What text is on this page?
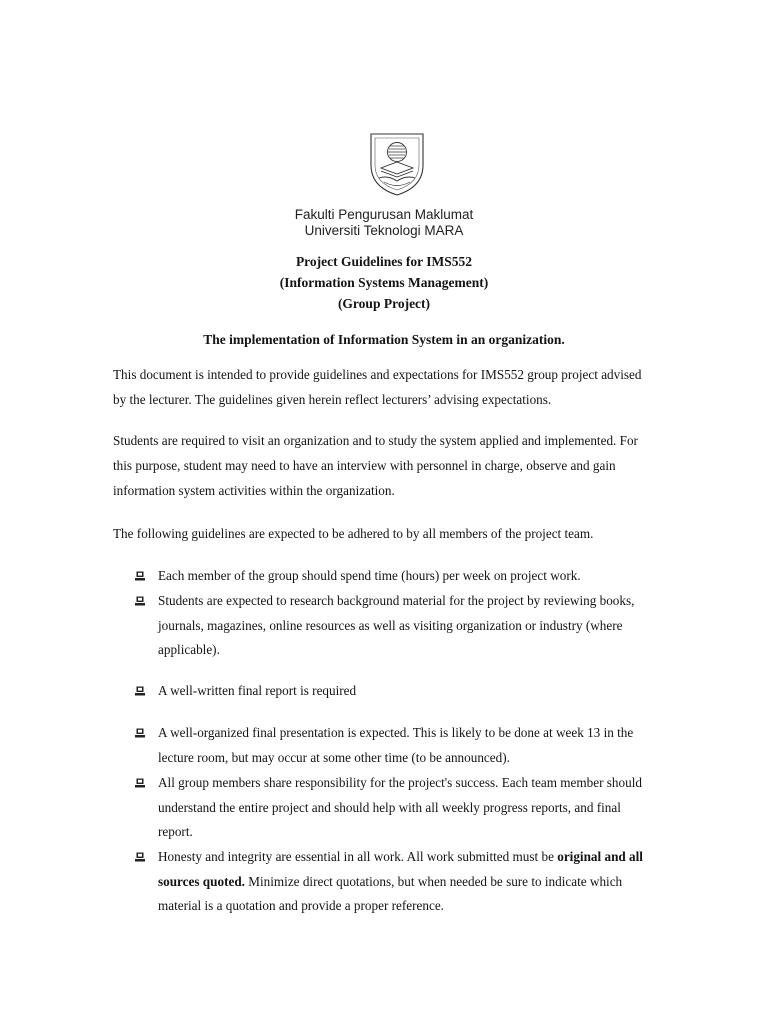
Fakulti Pengurusan Maklumat
Universiti Teknologi MARA
Project Guidelines for IMS552
(Information Systems Management)
(Group Project)
The implementation of Information System in an organization.

This document is intended to provide guidelines and expectations for IMS552 group project advised by the lecturer. The guidelines given herein reflect lecturers’ advising expectations.

Students are required to visit an organization and to study the system applied and implemented. For this purpose, student may need to have an interview with personnel in charge, observe and gain information system activities within the organization.

The following guidelines are expected to be adhered to by all members of the project team.

Each member of the group should spend time (hours) per week on project work.
Students are expected to research background material for the project by reviewing books, journals, magazines, online resources as well as visiting organization or industry (where applicable).
A well-written final report is required
A well-organized final presentation is expected. This is likely to be done at week 13 in the lecture room, but may occur at some other time (to be announced).
All group members share responsibility for the project's success. Each team member should understand the entire project and should help with all weekly progress reports, and final report.
Honesty and integrity are essential in all work. All work submitted must be original and all sources quoted. Minimize direct quotations, but when needed be sure to indicate which material is a quotation and provide a proper reference.
